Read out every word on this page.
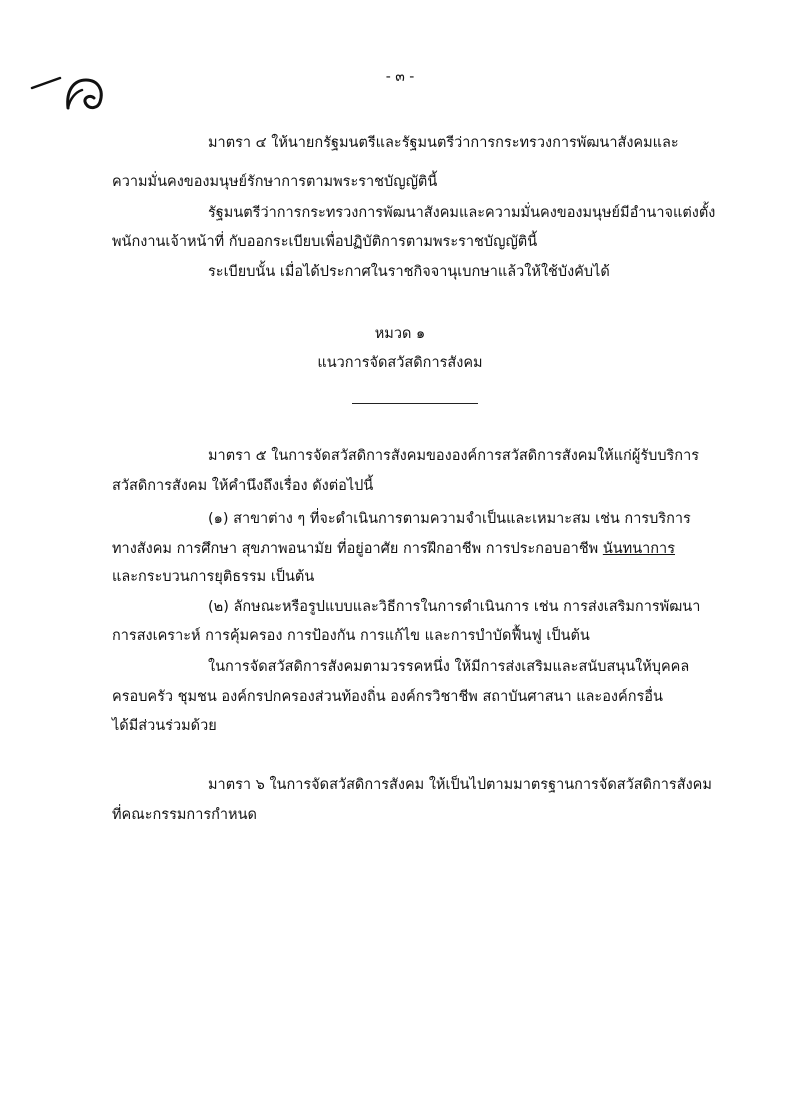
- ๓ -
มาตรา ๔ ให้นายกรัฐมนตรีและรัฐมนตรีว่าการกระทรวงการพัฒนาสังคมและ
ความมั่นคงของมนุษย์รักษาการตามพระราชบัญญัตินี้
รัฐมนตรีว่าการกระทรวงการพัฒนาสังคมและความมั่นคงของมนุษย์มีอำนาจแต่งตั้ง
พนักงานเจ้าหน้าที่ กับออกระเบียบเพื่อปฏิบัติการตามพระราชบัญญัตินี้
ระเบียบนั้น เมื่อได้ประกาศในราชกิจจานุเบกษาแล้วให้ใช้บังคับได้
หมวด ๑
แนวการจัดสวัสดิการสังคม
มาตรา ๕ ในการจัดสวัสดิการสังคมขององค์การสวัสดิการสังคมให้แก่ผู้รับบริการ
สวัสดิการสังคม ให้คำนึงถึงเรื่อง ดังต่อไปนี้
(๑) สาขาต่าง ๆ ที่จะดำเนินการตามความจำเป็นและเหมาะสม เช่น การบริการ
ทางสังคม การศึกษา สุขภาพอนามัย ที่อยู่อาศัย การฝึกอาชีพ การประกอบอาชีพ นันทนาการ
และกระบวนการยุติธรรม เป็นต้น
(๒) ลักษณะหรือรูปแบบและวิธีการในการดำเนินการ เช่น การส่งเสริมการพัฒนา
การสงเคราะห์ การคุ้มครอง การป้องกัน การแก้ไข และการบำบัดฟื้นฟู เป็นต้น
ในการจัดสวัสดิการสังคมตามวรรคหนึ่ง ให้มีการส่งเสริมและสนับสนุนให้บุคคล
ครอบครัว ชุมชน องค์กรปกครองส่วนท้องถิ่น องค์กรวิชาชีพ สถาบันศาสนา และองค์กรอื่น
ได้มีส่วนร่วมด้วย
มาตรา ๖ ในการจัดสวัสดิการสังคม ให้เป็นไปตามมาตรฐานการจัดสวัสดิการสังคม
ที่คณะกรรมการกำหนด
